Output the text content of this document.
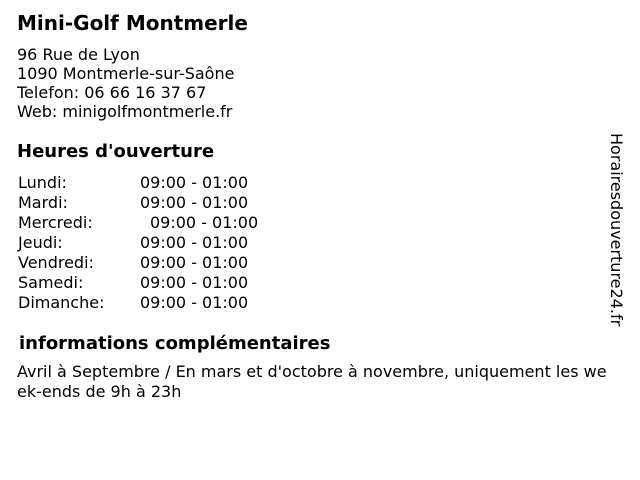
Mini-Golf Montmerle
96 Rue de Lyon
1090 Montmerle-sur-Saône
Telefon: 06 66 16 37 67
Web: minigolfmontmerle.fr
Heures d'ouverture
Lundi:	09:00 - 01:00
Mardi:	09:00 - 01:00
Mercredi:	09:00 - 01:00
Jeudi:	09:00 - 01:00
Vendredi:	09:00 - 01:00
Samedi:	09:00 - 01:00
Dimanche:	09:00 - 01:00
informations complémentaires

Avril à Septembre / En mars et d'octobre à novembre, uniquement les week-ends de 9h à 23h

Horairesdouverture24.fr
